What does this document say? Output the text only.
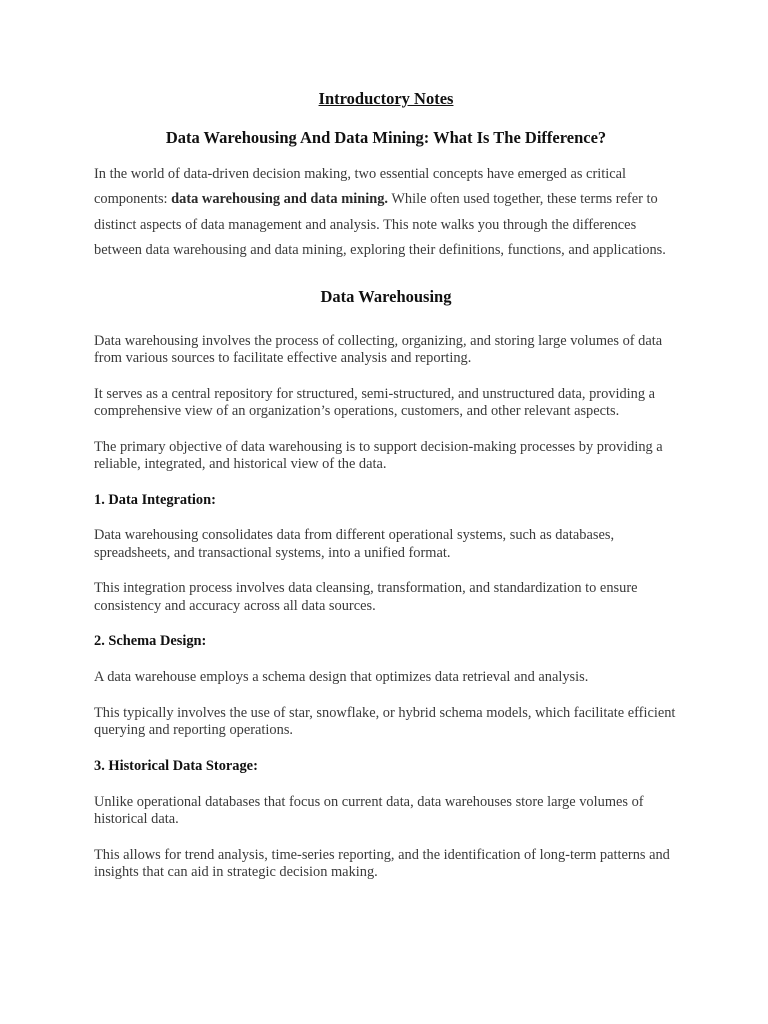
Introductory Notes
Data Warehousing And Data Mining: What Is The Difference?

In the world of data-driven decision making, two essential concepts have emerged as critical components: data warehousing and data mining. While often used together, these terms refer to distinct aspects of data management and analysis. This note walks you through the differences between data warehousing and data mining, exploring their definitions, functions, and applications.

Data Warehousing

Data warehousing involves the process of collecting, organizing, and storing large volumes of data from various sources to facilitate effective analysis and reporting.

It serves as a central repository for structured, semi-structured, and unstructured data, providing a comprehensive view of an organization’s operations, customers, and other relevant aspects.

The primary objective of data warehousing is to support decision-making processes by providing a reliable, integrated, and historical view of the data.

1. Data Integration:

Data warehousing consolidates data from different operational systems, such as databases, spreadsheets, and transactional systems, into a unified format.

This integration process involves data cleansing, transformation, and standardization to ensure consistency and accuracy across all data sources.

2. Schema Design:

A data warehouse employs a schema design that optimizes data retrieval and analysis.

This typically involves the use of star, snowflake, or hybrid schema models, which facilitate efficient querying and reporting operations.

3. Historical Data Storage:

Unlike operational databases that focus on current data, data warehouses store large volumes of historical data.

This allows for trend analysis, time-series reporting, and the identification of long-term patterns and insights that can aid in strategic decision making.
